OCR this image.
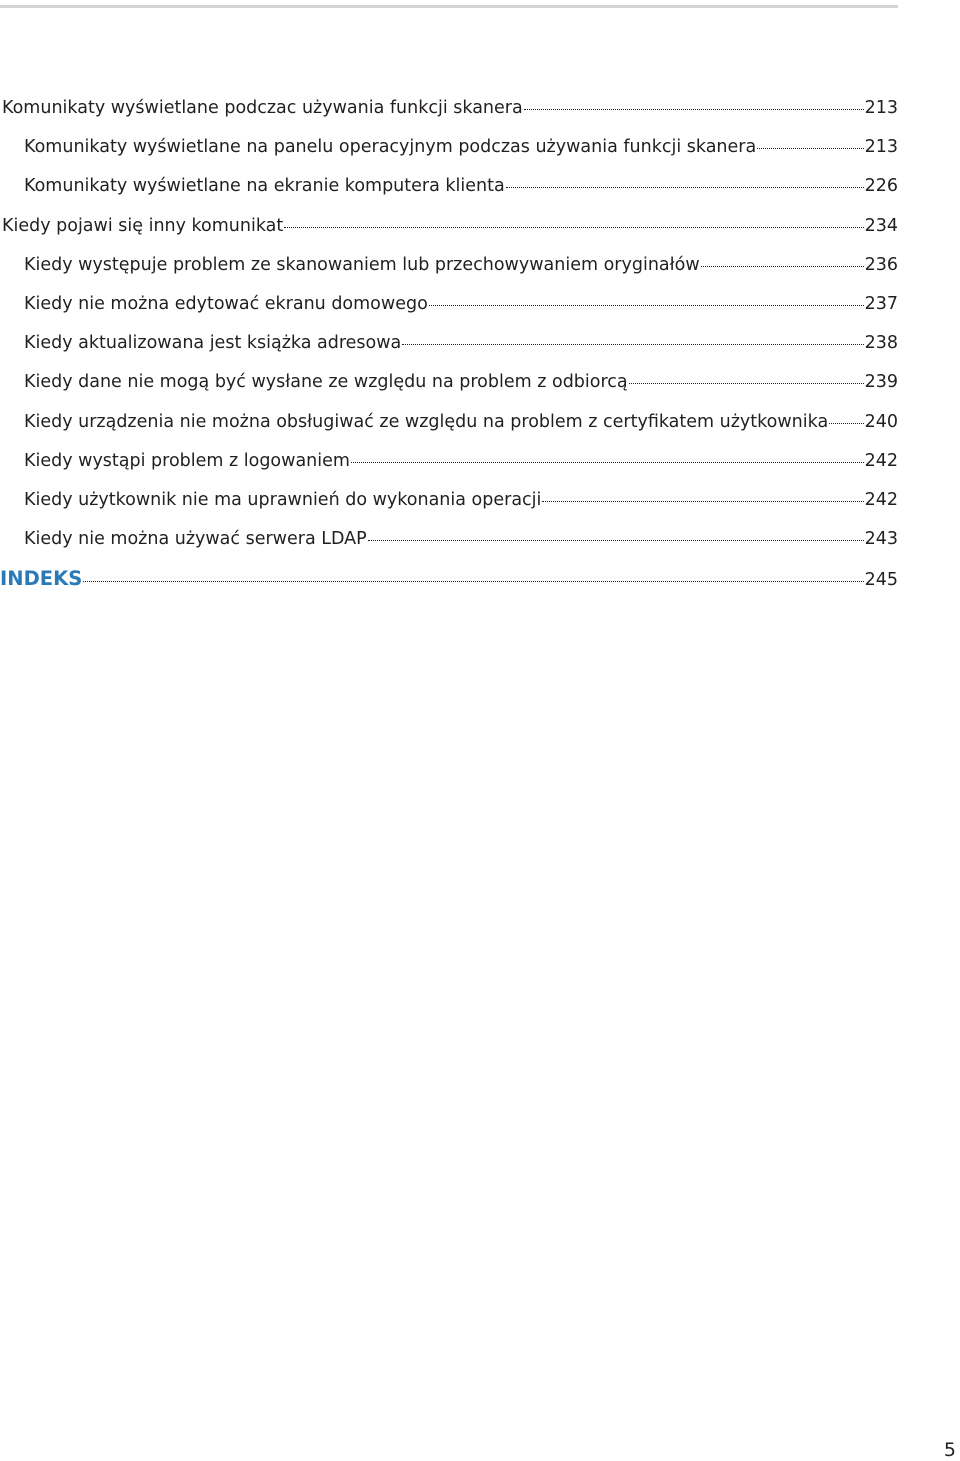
Komunikaty wyświetlane podczac używania funkcji skanera	213
Komunikaty wyświetlane na panelu operacyjnym podczas używania funkcji skanera	213
Komunikaty wyświetlane na ekranie komputera klienta	226
Kiedy pojawi się inny komunikat	234
Kiedy występuje problem ze skanowaniem lub przechowywaniem oryginałów	236
Kiedy nie można edytować ekranu domowego	237
Kiedy aktualizowana jest książka adresowa	238
Kiedy dane nie mogą być wysłane ze względu na problem z odbiorcą	239
Kiedy urządzenia nie można obsługiwać ze względu na problem z certyfikatem użytkownika 240
Kiedy wystąpi problem z logowaniem	242
Kiedy użytkownik nie ma uprawnień do wykonania operacji	242
Kiedy nie można używać serwera LDAP	243
INDEKS	245
5
